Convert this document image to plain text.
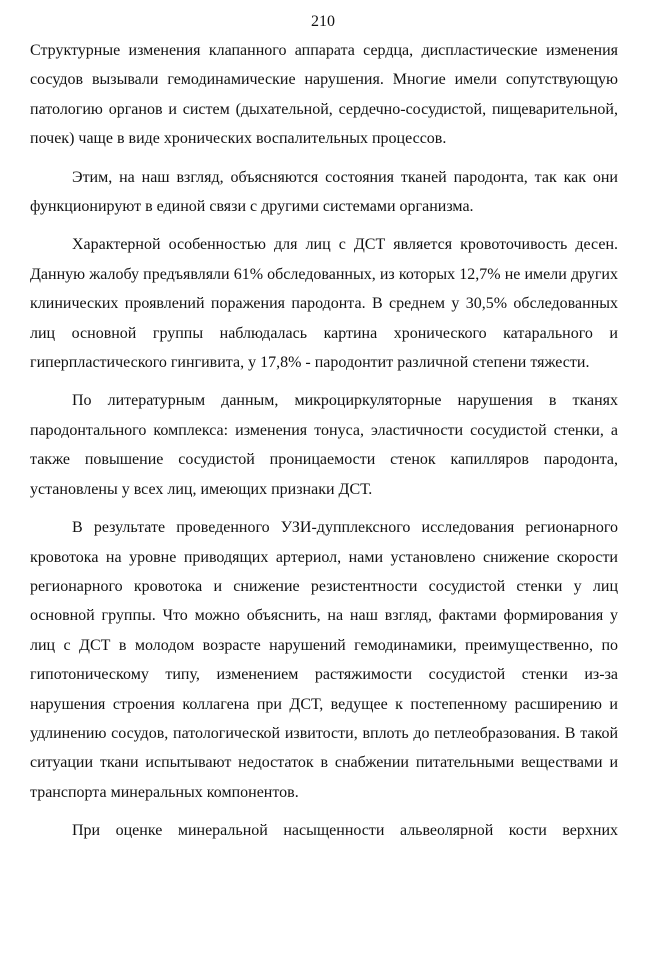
210

Структурные изменения клапанного аппарата сердца, диспластические изменения сосудов вызывали гемодинамические нарушения. Многие имели сопутствующую патологию органов и систем (дыхательной, сердечно-сосудистой, пищеварительной, почек) чаще в виде хронических воспалительных процессов.

Этим, на наш взгляд, объясняются состояния тканей пародонта, так как они функционируют в единой связи с другими системами организма.

Характерной особенностью для лиц с ДСТ является кровоточивость десен. Данную жалобу предъявляли 61% обследованных, из которых 12,7% не имели других клинических проявлений поражения пародонта. В среднем у 30,5% обследованных лиц основной группы наблюдалась картина хронического катарального и гиперпластического гингивита, у 17,8% - пародонтит различной степени тяжести.

По литературным данным, микроциркуляторные нарушения в тканях пародонтального комплекса: изменения тонуса, эластичности сосудистой стенки, а также повышение сосудистой проницаемости стенок капилляров пародонта, установлены у всех лиц, имеющих признаки ДСТ.

В результате проведенного УЗИ-дупплексного исследования регионарного кровотока на уровне приводящих артериол, нами установлено снижение скорости регионарного кровотока и снижение резистентности сосудистой стенки у лиц основной группы. Что можно объяснить, на наш взгляд, фактами формирования у лиц с ДСТ в молодом возрасте нарушений гемодинамики, преимущественно, по гипотоническому типу, изменением растяжимости сосудистой стенки из-за нарушения строения коллагена при ДСТ, ведущее к постепенному расширению и удлинению сосудов, патологической извитости, вплоть до петлеобразования. В такой ситуации ткани испытывают недостаток в снабжении питательными веществами и транспорта минеральных компонентов.

При оценке минеральной насыщенности альвеолярной кости верхних
